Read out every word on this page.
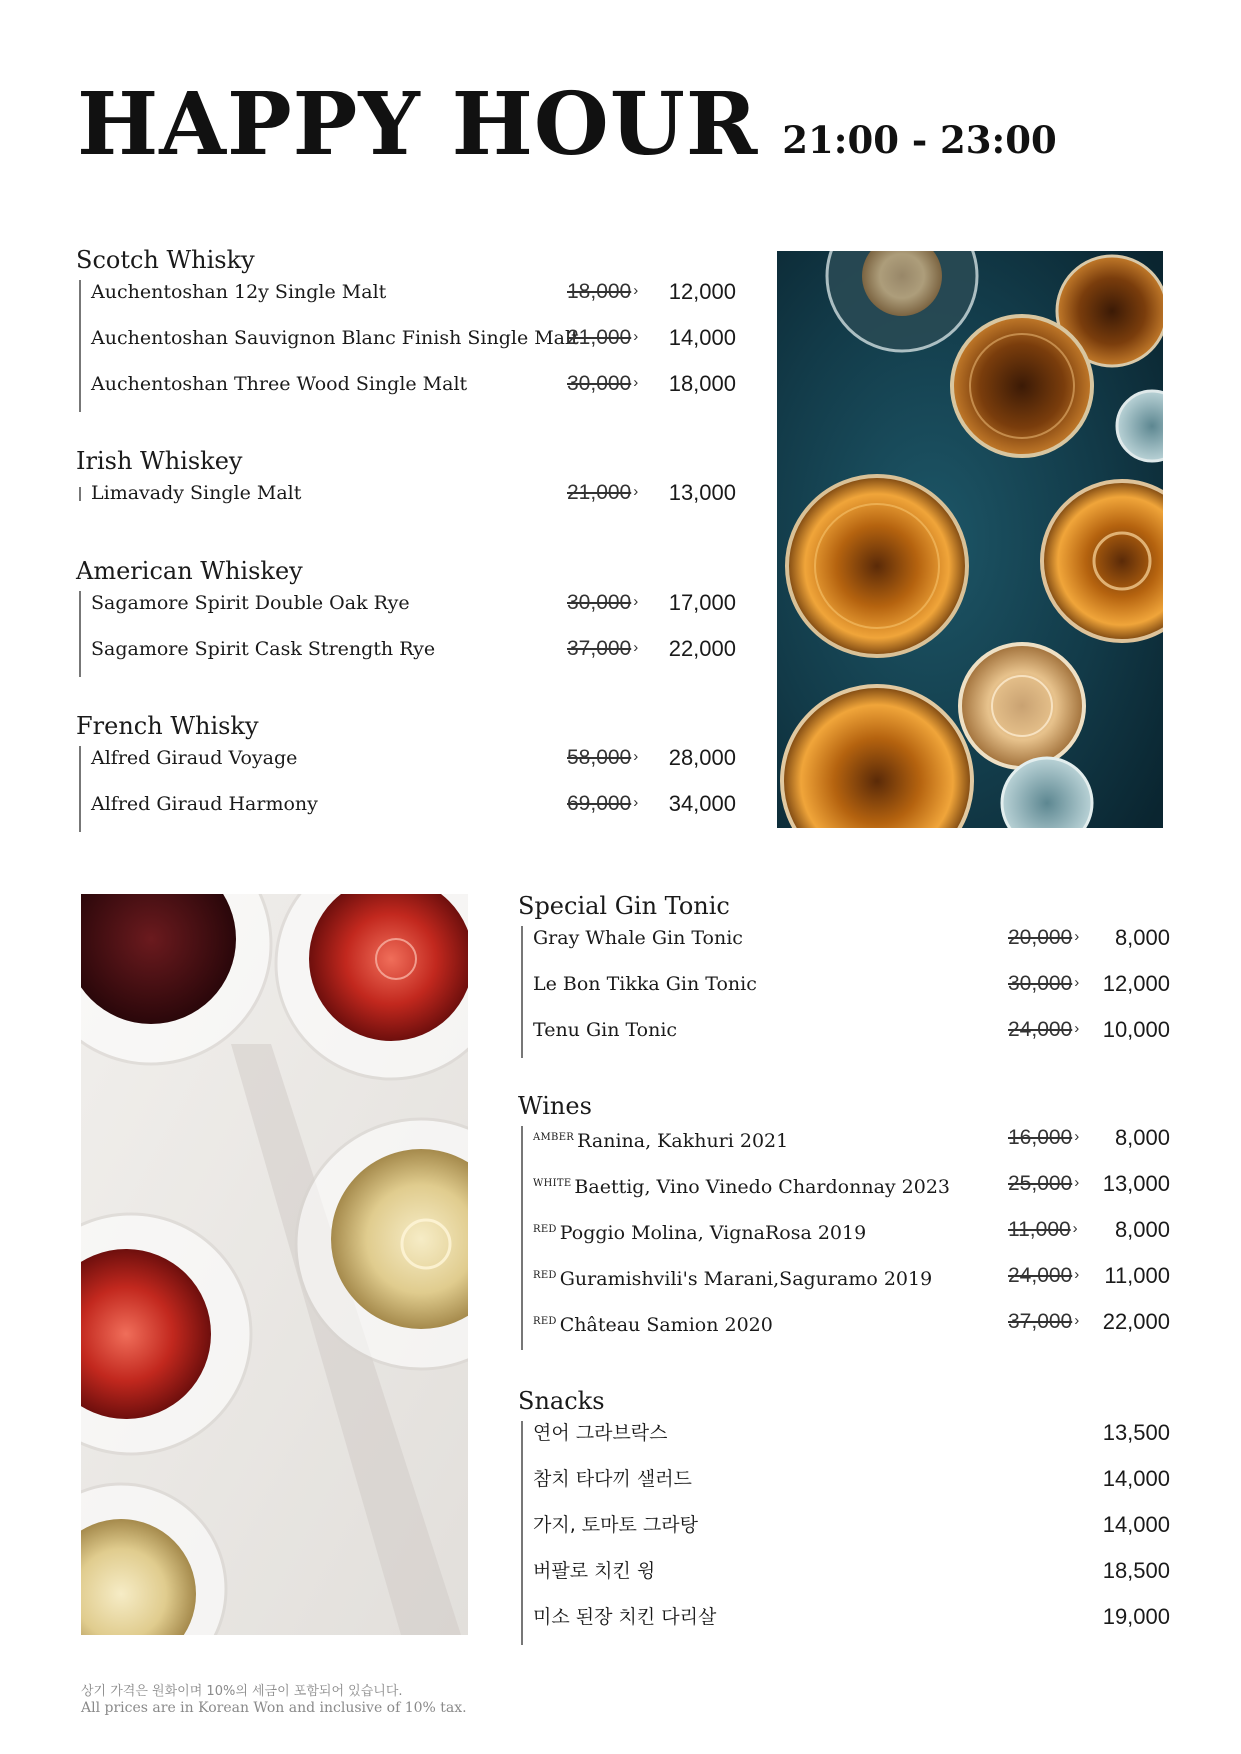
HAPPY HOUR 21:00 - 23:00
Scotch Whisky
Auchentoshan 12y Single Malt	18,000 › 12,000
Auchentoshan Sauvignon Blanc Finish Single Malt
21,000 › 14,000
Auchentoshan Three Wood Single Malt	30,000 › 18,000
Irish Whiskey
Limavady Single Malt	21,000 › 13,000
American Whiskey
Sagamore Spirit Double Oak Rye	30,000 › 17,000
Sagamore Spirit Cask Strength Rye	37,000 › 22,000
French Whisky
Alfred Giraud Voyage	58,000 › 28,000
Alfred Giraud Harmony	69,000 › 34,000
Special Gin Tonic
Gray Whale Gin Tonic	20,000 › 8,000
Le Bon Tikka Gin Tonic	30,000 › 12,000
Tenu Gin Tonic	24,000 › 10,000
Wines
$^{AMBER}$ Ranina, Kakhuri 2021	16,000 › 8,000
$^{WHITE}$ Baettig, Vino Vinedo Chardonnay 2023	25,000 › 13,000
$^{RED}$ Poggio Molina, VignaRosa 2019	11,000 › 8,000
$^{RED}$ Guramishvili's Marani,Saguramo 2019	24,000 › 11,000
$^{RED}$ Château Samion 2020	37,000 › 22,000
Snacks
연어 그라브락스	13,500
참치 타다끼 샐러드	14,000
가지, 토마토 그라탕	14,000
버팔로 치킨 윙	18,500
미소 된장 치킨 다리살	19,000
상기 가격은 원화이며 10%의 세금이 포함되어 있습니다.
All prices are in Korean Won and inclusive of 10% tax.
